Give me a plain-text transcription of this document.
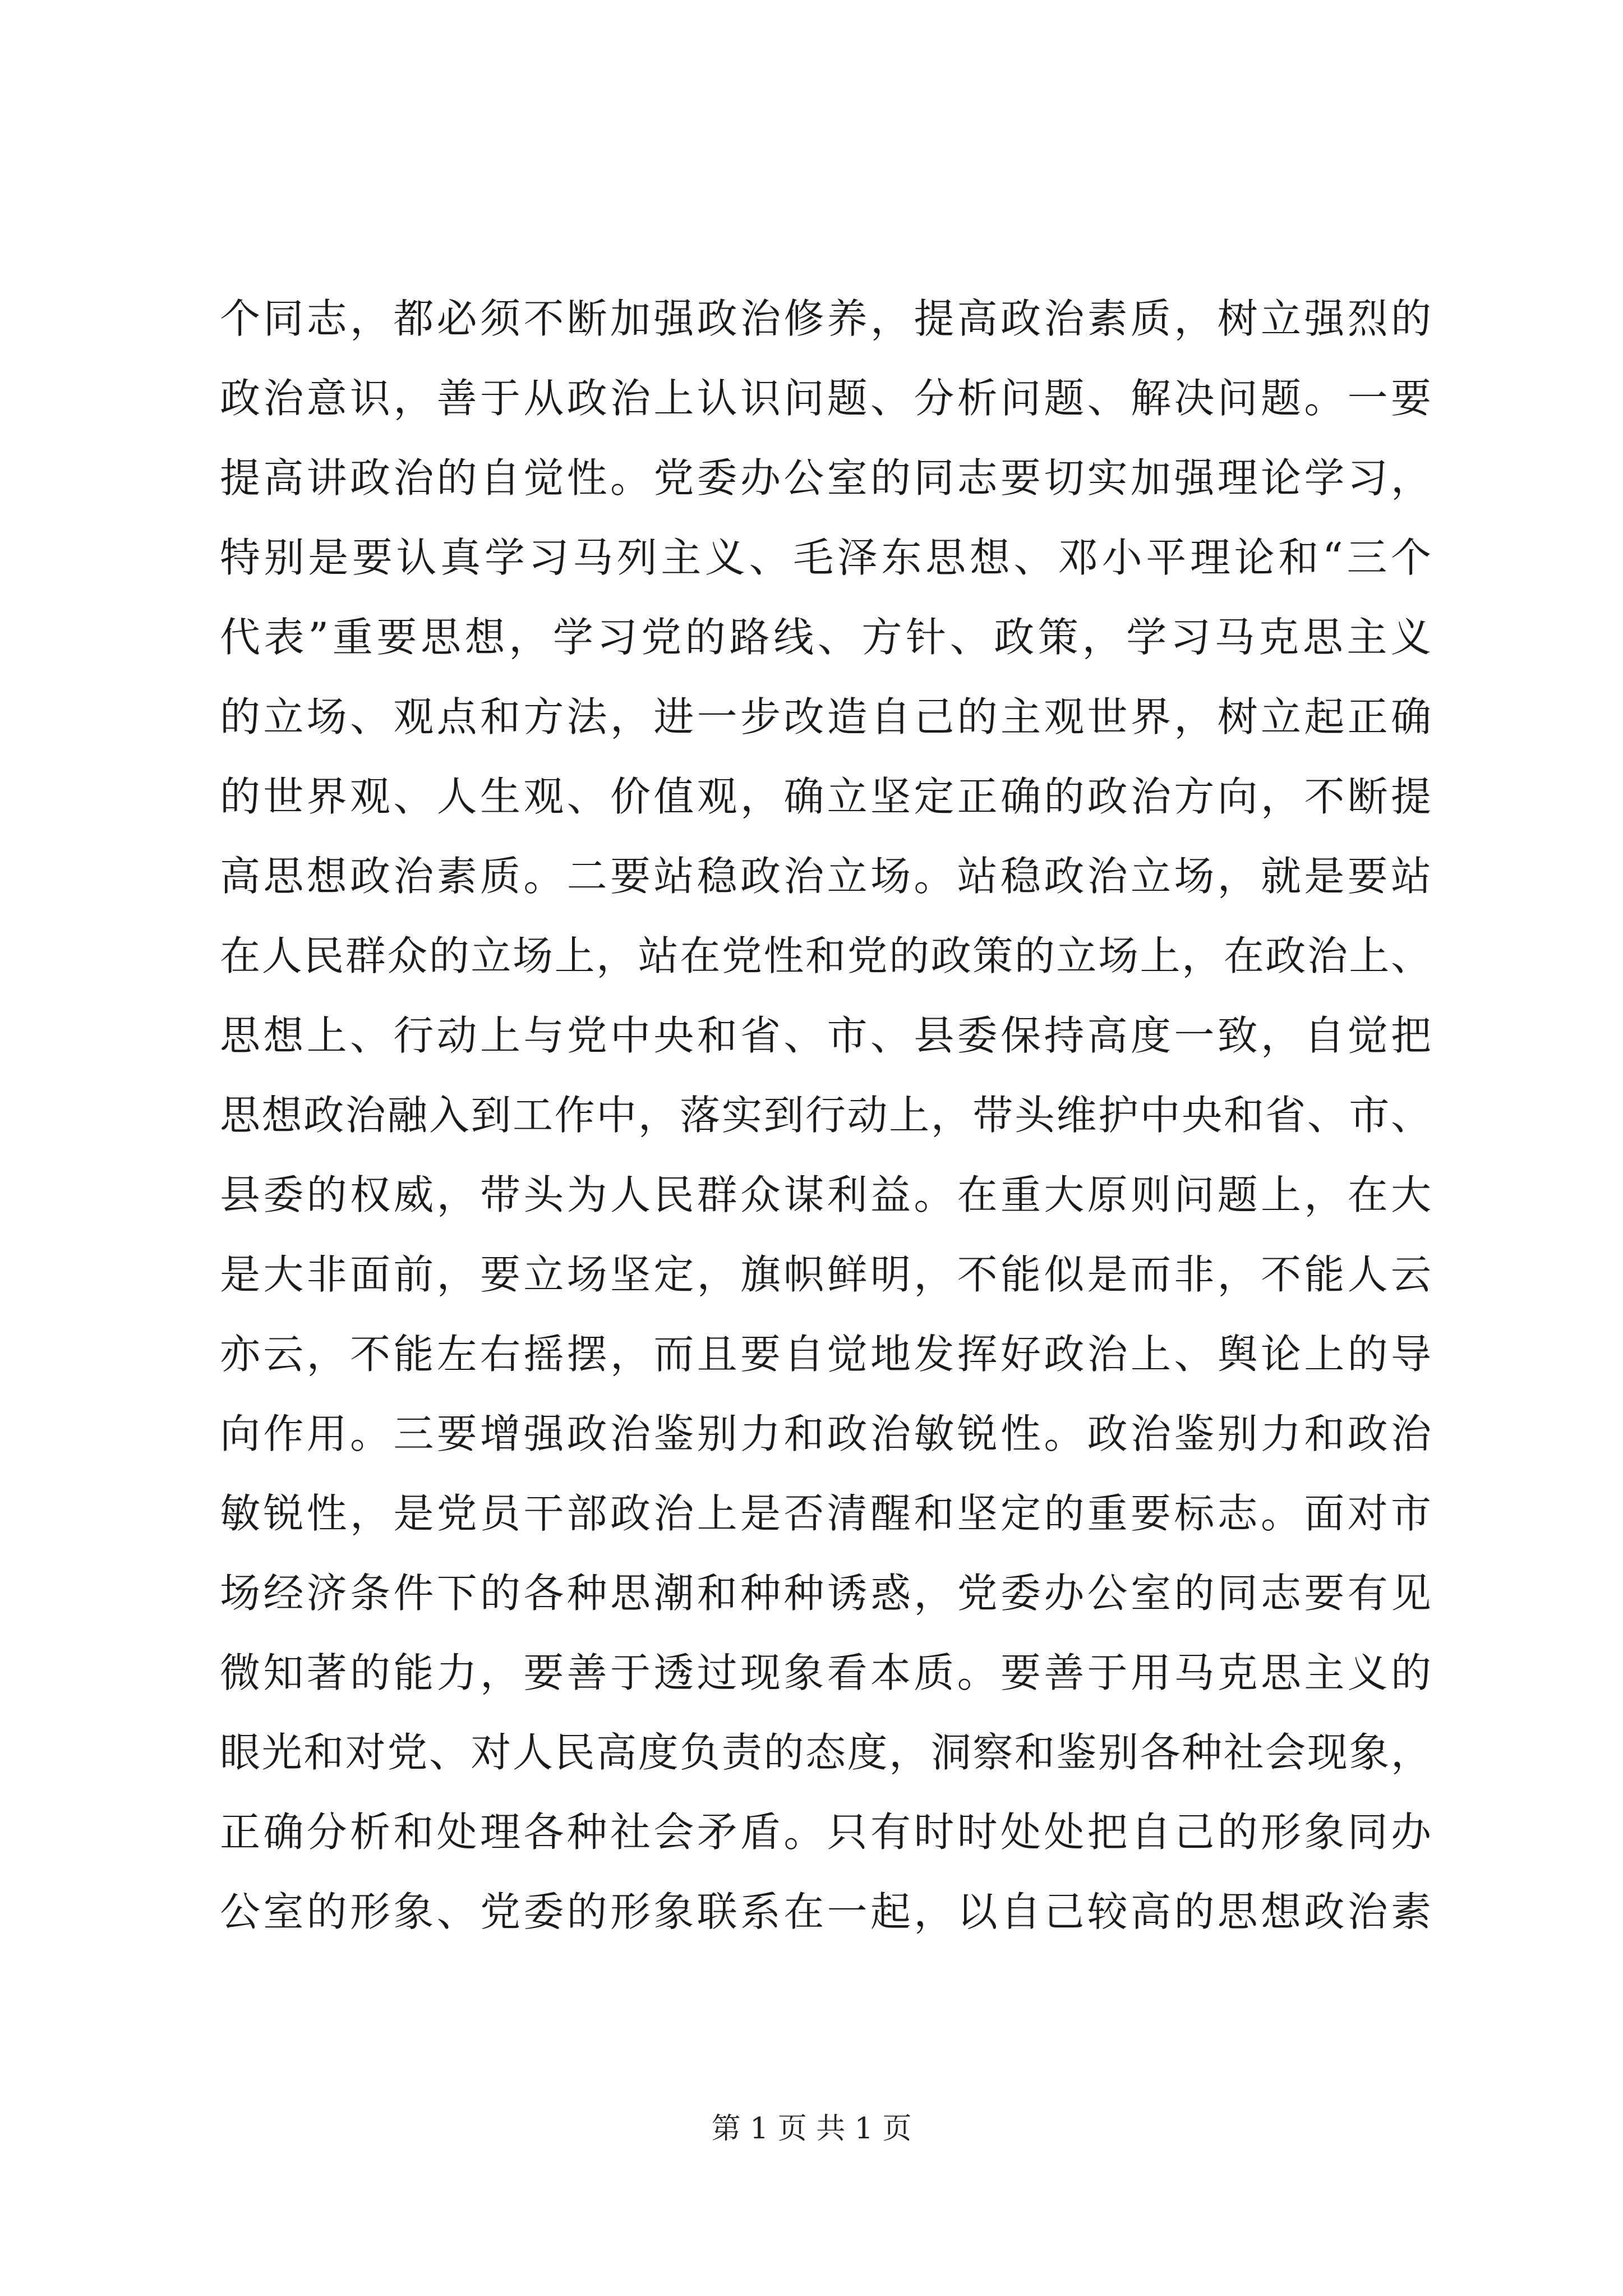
个同志，都必须不断加强政治修养，提高政治素质，树立强烈的
政治意识，善于从政治上认识问题、分析问题、解决问题。一要
提高讲政治的自觉性。党委办公室的同志要切实加强理论学习，
特别是要认真学习马列主义、毛泽东思想、邓小平理论和“三个
代表”重要思想，学习党的路线、方针、政策，学习马克思主义
的立场、观点和方法，进一步改造自己的主观世界，树立起正确
的世界观、人生观、价值观，确立坚定正确的政治方向，不断提
高思想政治素质。二要站稳政治立场。站稳政治立场，就是要站
在人民群众的立场上，站在党性和党的政策的立场上，在政治上、
思想上、行动上与党中央和省、市、县委保持高度一致，自觉把
思想政治融入到工作中，落实到行动上，带头维护中央和省、市、
县委的权威，带头为人民群众谋利益。在重大原则问题上，在大
是大非面前，要立场坚定，旗帜鲜明，不能似是而非，不能人云
亦云，不能左右摇摆，而且要自觉地发挥好政治上、舆论上的导
向作用。三要增强政治鉴别力和政治敏锐性。政治鉴别力和政治
敏锐性，是党员干部政治上是否清醒和坚定的重要标志。面对市
场经济条件下的各种思潮和种种诱惑，党委办公室的同志要有见
微知著的能力，要善于透过现象看本质。要善于用马克思主义的
眼光和对党、对人民高度负责的态度，洞察和鉴别各种社会现象，
正确分析和处理各种社会矛盾。只有时时处处把自己的形象同办
公室的形象、党委的形象联系在一起，以自己较高的思想政治素
第 1 页 共 1 页
